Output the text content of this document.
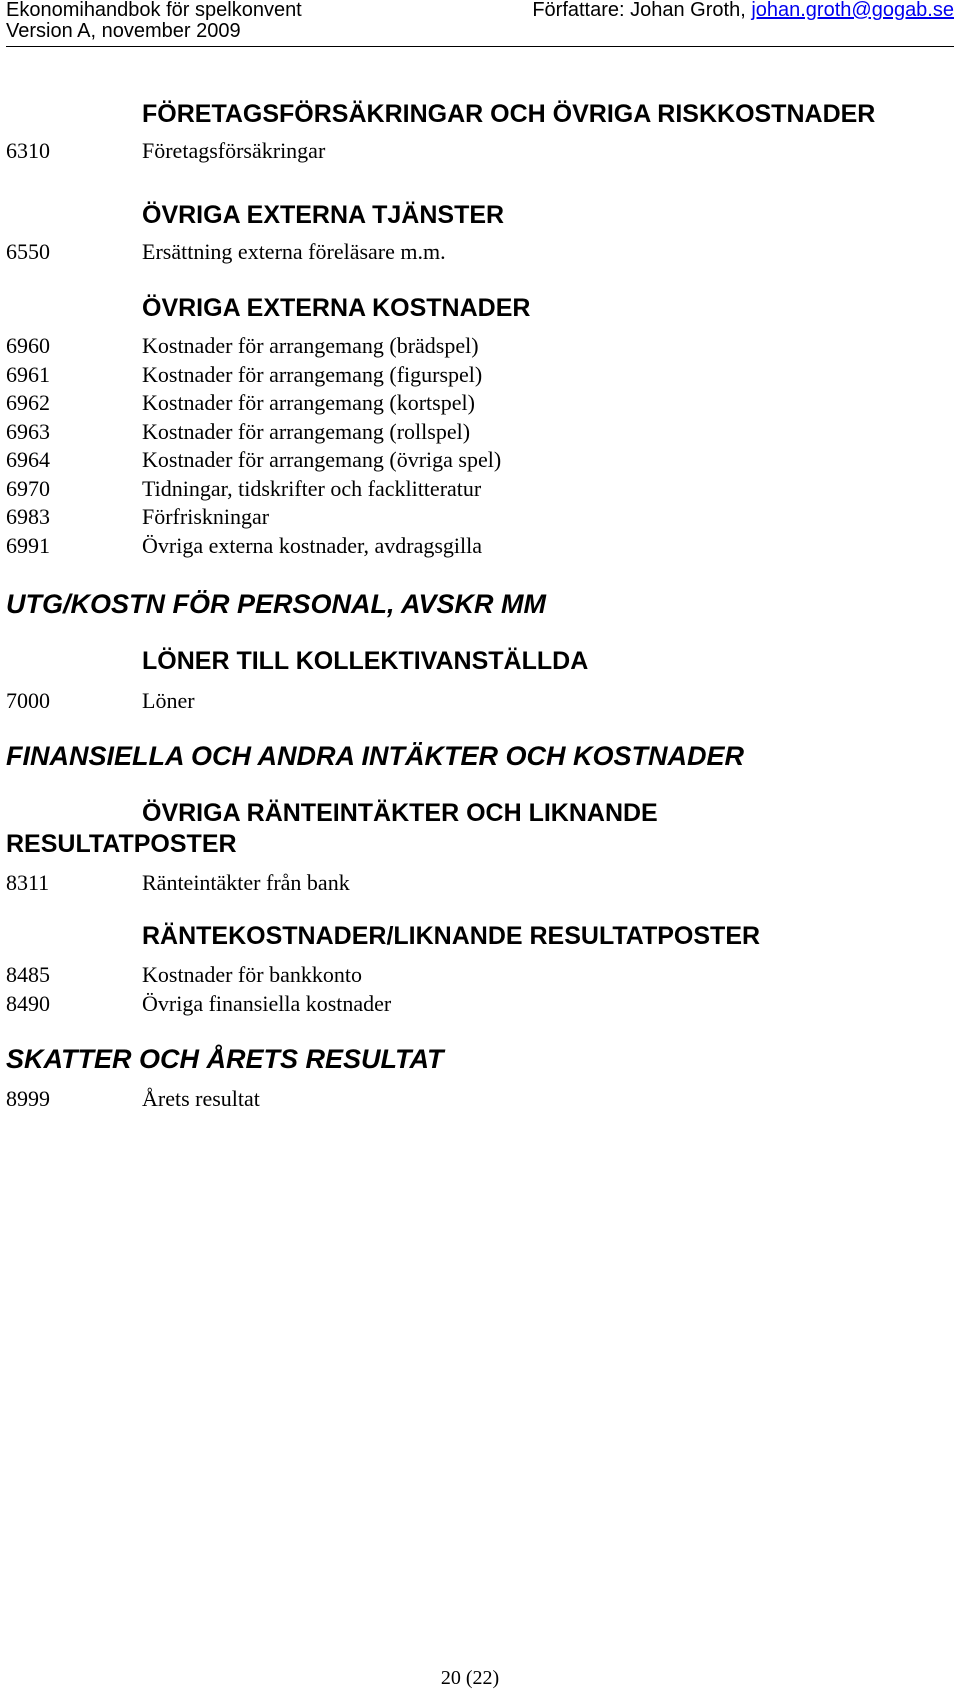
Ekonomihandbok för spelkonvent
Version A, november 2009
Författare: Johan Groth, johan.groth@gogab.se
FÖRETAGSFÖRSÄKRINGAR OCH ÖVRIGA RISKKOSTNADER
6310	Företagsförsäkringar
ÖVRIGA EXTERNA TJÄNSTER
6550	Ersättning externa föreläsare m.m.
ÖVRIGA EXTERNA KOSTNADER
6960	Kostnader för arrangemang (brädspel)
6961	Kostnader för arrangemang (figurspel)
6962	Kostnader för arrangemang (kortspel)
6963	Kostnader för arrangemang (rollspel)
6964	Kostnader för arrangemang (övriga spel)
6970	Tidningar, tidskrifter och facklitteratur
6983	Förfriskningar
6991	Övriga externa kostnader, avdragsgilla
UTG/KOSTN FÖR PERSONAL, AVSKR MM
LÖNER TILL KOLLEKTIVANSTÄLLDA
7000	Löner
FINANSIELLA OCH ANDRA INTÄKTER OCH KOSTNADER
ÖVRIGA RÄNTEINTÄKTER OCH LIKNANDE
RESULTATPOSTER
8311	Ränteintäkter från bank
RÄNTEKOSTNADER/LIKNANDE RESULTATPOSTER
8485	Kostnader för bankkonto
8490	Övriga finansiella kostnader
SKATTER OCH ÅRETS RESULTAT
8999	Årets resultat
20 (22)
